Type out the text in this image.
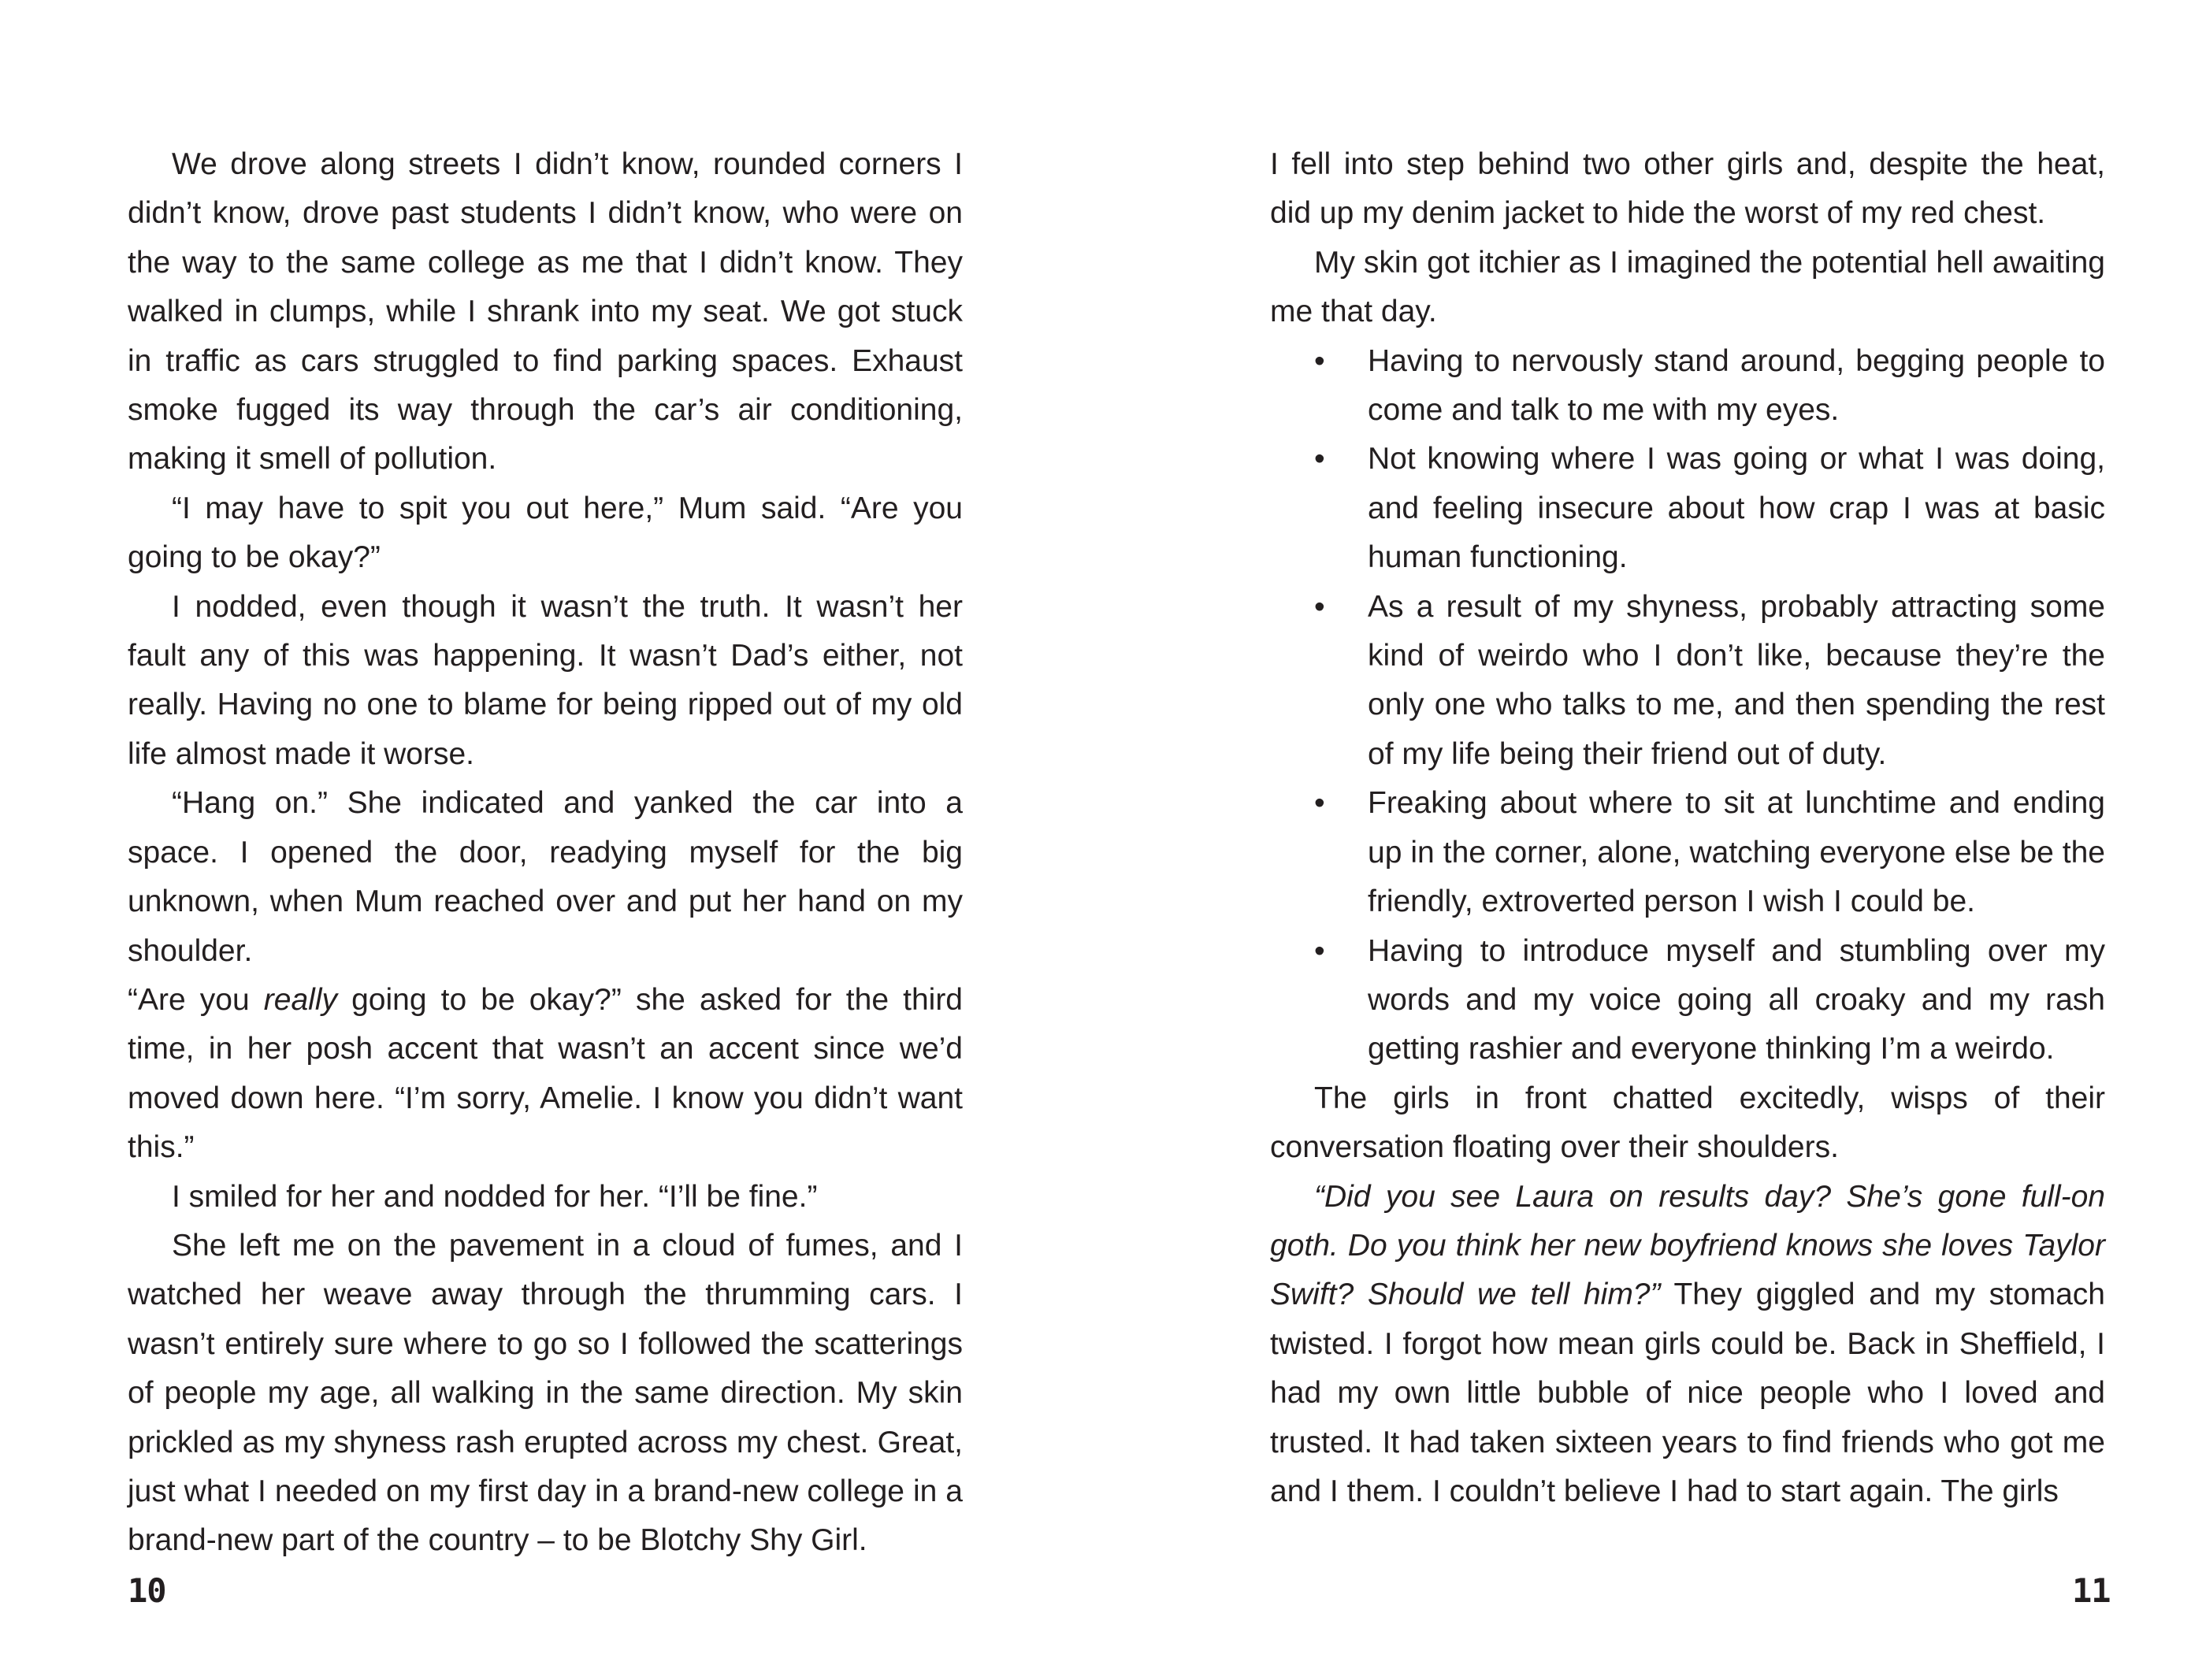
We drove along streets I didn’t know, rounded corners I didn’t know, drove past students I didn’t know, who were on the way to the same college as me that I didn’t know. They walked in clumps, while I shrank into my seat. We got stuck in traffic as cars struggled to find parking spaces. Exhaust smoke fugged its way through the car’s air conditioning, making it smell of pollution.

“I may have to spit you out here,” Mum said. “Are you going to be okay?”

I nodded, even though it wasn’t the truth. It wasn’t her fault any of this was happening. It wasn’t Dad’s either, not really. Having no one to blame for being ripped out of my old life almost made it worse.

“Hang on.” She indicated and yanked the car into a space. I opened the door, readying myself for the big unknown, when Mum reached over and put her hand on my shoulder.

“Are you really going to be okay?” she asked for the third time, in her posh accent that wasn’t an accent since we’d moved down here. “I’m sorry, Amelie. I know you didn’t want this.”

I smiled for her and nodded for her. “I’ll be fine.”

She left me on the pavement in a cloud of fumes, and I watched her weave away through the thrumming cars. I wasn’t entirely sure where to go so I followed the scatterings of people my age, all walking in the same direction. My skin prickled as my shyness rash erupted across my chest. Great, just what I needed on my first day in a brand-new college in a brand-new part of the country – to be Blotchy Shy Girl.

10

I fell into step behind two other girls and, despite the heat, did up my denim jacket to hide the worst of my red chest.

My skin got itchier as I imagined the potential hell awaiting me that day.

•	Having to nervously stand around, begging people to come and talk to me with my eyes.
•	Not knowing where I was going or what I was doing, and feeling insecure about how crap I was at basic human functioning.
•	As a result of my shyness, probably attracting some kind of weirdo who I don’t like, because they’re the only one who talks to me, and then spending the rest of my life being their friend out of duty.
•	Freaking about where to sit at lunchtime and ending up in the corner, alone, watching everyone else be the friendly, extroverted person I wish I could be.
•	Having to introduce myself and stumbling over my words and my voice going all croaky and my rash getting rashier and everyone thinking I’m a weirdo.

The girls in front chatted excitedly, wisps of their conversation floating over their shoulders.

“Did you see Laura on results day? She’s gone full-on goth. Do you think her new boyfriend knows she loves Taylor Swift? Should we tell him?” They giggled and my stomach twisted. I forgot how mean girls could be. Back in Sheffield, I had my own little bubble of nice people who I loved and trusted. It had taken sixteen years to find friends who got me and I them. I couldn’t believe I had to start again. The girls

11
